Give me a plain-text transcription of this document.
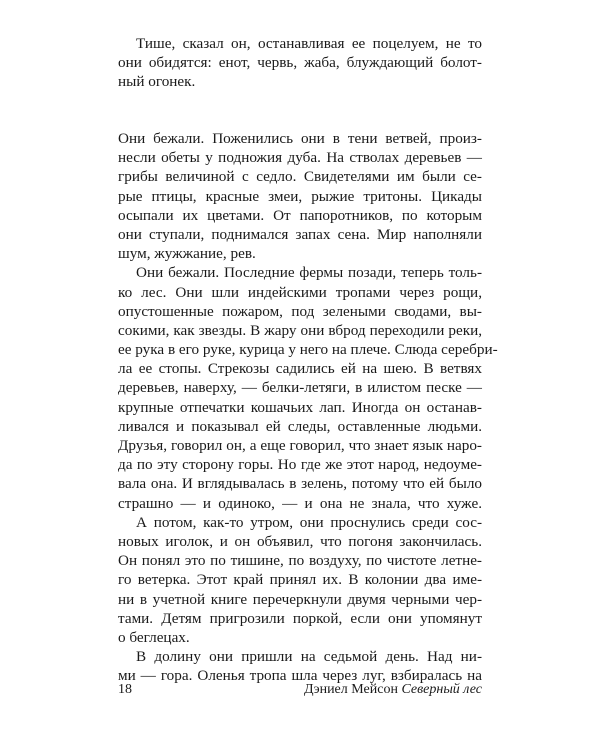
Тише, сказал он, останавливая ее поцелуем, не то
они обидятся: енот, червь, жаба, блуждающий болот-
ный огонек.
Они бежали. Поженились они в тени ветвей, произ-
несли обеты у подножия дуба. На стволах деревьев —
грибы величиной с седло. Свидетелями им были се-
рые птицы, красные змеи, рыжие тритоны. Цикады
осыпали их цветами. От папоротников, по которым
они ступали, поднимался запах сена. Мир наполняли
шум, жужжание, рев.
Они бежали. Последние фермы позади, теперь толь-
ко лес. Они шли индейскими тропами через рощи,
опустошенные пожаром, под зелеными сводами, вы-
сокими, как звезды. В жару они вброд переходили реки,
ее рука в его руке, курица у него на плече. Слюда серебри-
ла ее стопы. Стрекозы садились ей на шею. В ветвях
деревьев, наверху, — белки-летяги, в илистом песке —
крупные отпечатки кошачьих лап. Иногда он останав-
ливался и показывал ей следы, оставленные людьми.
Друзья, говорил он, а еще говорил, что знает язык наро-
да по эту сторону горы. Но где же этот народ, недоуме-
вала она. И вглядывалась в зелень, потому что ей было
страшно — и одиноко, — и она не знала, что хуже.
А потом, как-то утром, они проснулись среди сос-
новых иголок, и он объявил, что погоня закончилась.
Он понял это по тишине, по воздуху, по чистоте летне-
го ветерка. Этот край принял их. В колонии два име-
ни в учетной книге перечеркнули двумя черными чер-
тами. Детям пригрозили поркой, если они упомянут
о беглецах.
В долину они пришли на седьмой день. Над ни-
ми — гора. Оленья тропа шла через луг, взбиралась на
18	Дэниел Мейсон Северный лес
